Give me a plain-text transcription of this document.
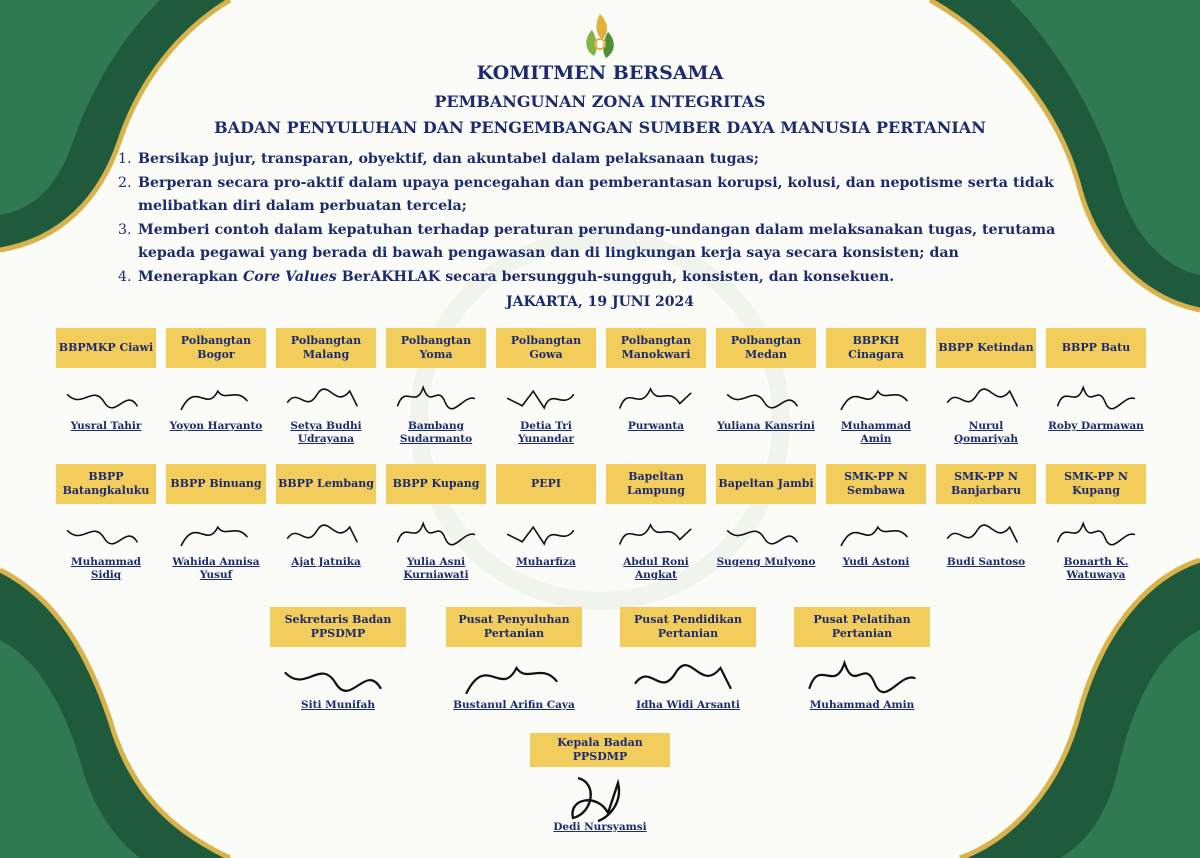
KOMITMEN BERSAMA
PEMBANGUNAN ZONA INTEGRITAS
BADAN PENYULUHAN DAN PENGEMBANGAN SUMBER DAYA MANUSIA PERTANIAN
1. Bersikap jujur, transparan, obyektif, dan akuntabel dalam pelaksanaan tugas;
2. Berperan secara pro-aktif dalam upaya pencegahan dan pemberantasan korupsi, kolusi, dan nepotisme serta tidak melibatkan diri dalam perbuatan tercela;
3. Memberi contoh dalam kepatuhan terhadap peraturan perundang-undangan dalam melaksanakan tugas, terutama kepada pegawai yang berada di bawah pengawasan dan di lingkungan kerja saya secara konsisten; dan
4. Menerapkan Core Values BerAKHLAK secara bersungguh-sungguh, konsisten, dan konsekuen.
JAKARTA, 19 JUNI 2024
BBPMKP Ciawi
Yusral Tahir
Polbangtan Bogor
Yoyon Haryanto
Polbangtan Malang
Setya Budhi Udrayana
Polbangtan Yoma
Bambang Sudarmanto
Polbangtan Gowa
Detia Tri Yunandar
Polbangtan Manokwari
Purwanta
Polbangtan Medan
Yuliana Kansrini
BBPKH Cinagara
Muhammad Amin
BBPP Ketindan
Nurul Qomariyah
BBPP Batu
Roby Darmawan
BBPP Batangkaluku
Muhammad Sidiq
BBPP Binuang
Wahida Annisa Yusuf
BBPP Lembang
Ajat Jatnika
BBPP Kupang
Yulia Asni Kurniawati
PEPI
Muharfiza
Bapeltan Lampung
Abdul Roni Angkat
Bapeltan Jambi
Sugeng Mulyono
SMK-PP N Sembawa
Yudi Astoni
SMK-PP N Banjarbaru
Budi Santoso
SMK-PP N Kupang
Bonarth K. Watuwaya
Sekretaris Badan PPSDMP
Siti Munifah
Pusat Penyuluhan Pertanian
Bustanul Arifin Caya
Pusat Pendidikan Pertanian
Idha Widi Arsanti
Pusat Pelatihan Pertanian
Muhammad Amin
Kepala Badan PPSDMP
Dedi Nursyamsi
